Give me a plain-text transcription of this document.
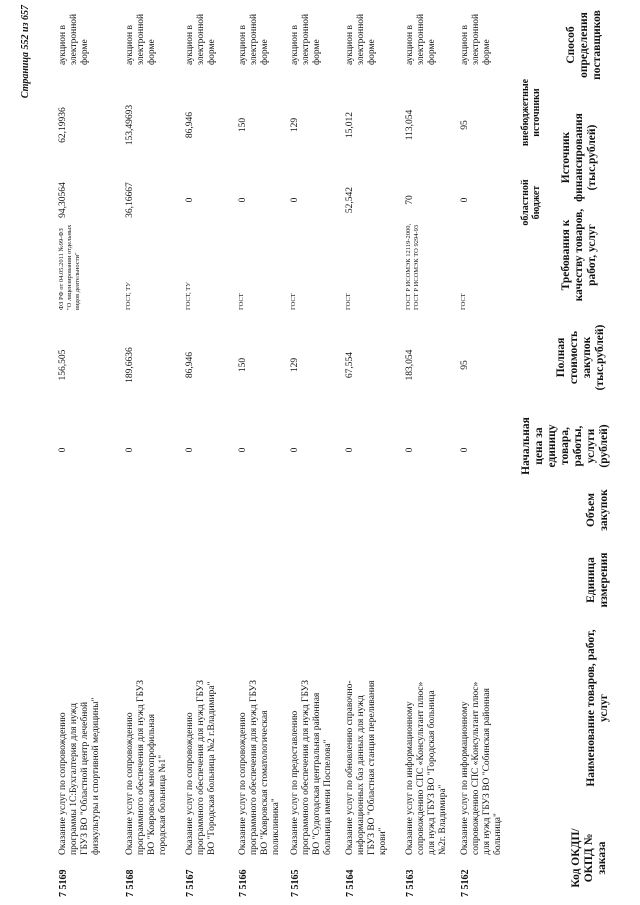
Код ОКДП/ ОКПД № заказа
Наименование товаров, работ, услуг
Единица измерения
Объем закупок
Начальная цена за единицу товара, работы, услуги (рублей)
Полная стоимость закупок (тыс.рублей)
Требования к качеству товаров, работ, услуг
Источник финансирования (тыс.рублей)
областной бюджет
внебюджетные источники
Способ определения поставщиков
7 5162
Оказание услуг по информационному сопровождению СПС «Консультант плюс» для нужд ГБУЗ ВО "Собинская районная больница"
0
95
ГОСТ
0
95
аукцион в электронной форме
7 5163
Оказание услуг по информационному сопровождению СПС «Консультант плюс» для нужд ГБУЗ ВО "Городская больница №2г. Владимира"
0
183,054
ГОСТ Р ИСОМЭК 12119-2000, ГОСТ Р ИСОМЭК ТО 9294-93
70
113,054
аукцион в электронной форме
7 5164
Оказание услуг по обновлению справочно-информационных баз данных для нужд ГБУЗ ВО "Областная станция переливания крови"
0
67,554
ГОСТ
52,542
15,012
аукцион в электронной форме
7 5165
Оказание услуг по предоставлению программного обеспечения для нужд ГБУЗ ВО "Судогодская центральная районная больница имени Поспелова"
0
129
ГОСТ
0
129
аукцион в электронной форме
7 5166
Оказание услуг по сопровождению программного обеспечения для нужд ГБУЗ ВО "Ковровская стоматологическая поликлиника"
0
150
ГОСТ
0
150
аукцион в электронной форме
7 5167
Оказание услуг по сопровождению программного обеспечения для нужд ГБУЗ ВО "Городская больница №2 г.Владимира"
0
86,946
ГОСТ, ТУ
0
86,946
аукцион в электронной форме
7 5168
Оказание услуг по сопровождению программного обеспечения для нужд ГБУЗ ВО "Ковровская многопрофильная городская больница №1"
0
189,6636
ГОСТ, ТУ
36,16667
153,49693
аукцион в электронной форме
7 5169
Оказание услуг по сопровождению программы 1С:Бухгалтерия для нужд ГБУЗ ВО "Областной центр лечебной физкультуры и спортивной медицины"
0
156,505
ФЗ РФ от 04.05.2011 №99-ФЗ "О лицензировании отдельных видов деятельности"
94,30564
62,19936
аукцион в электронной форме
Страница 552 из 657
